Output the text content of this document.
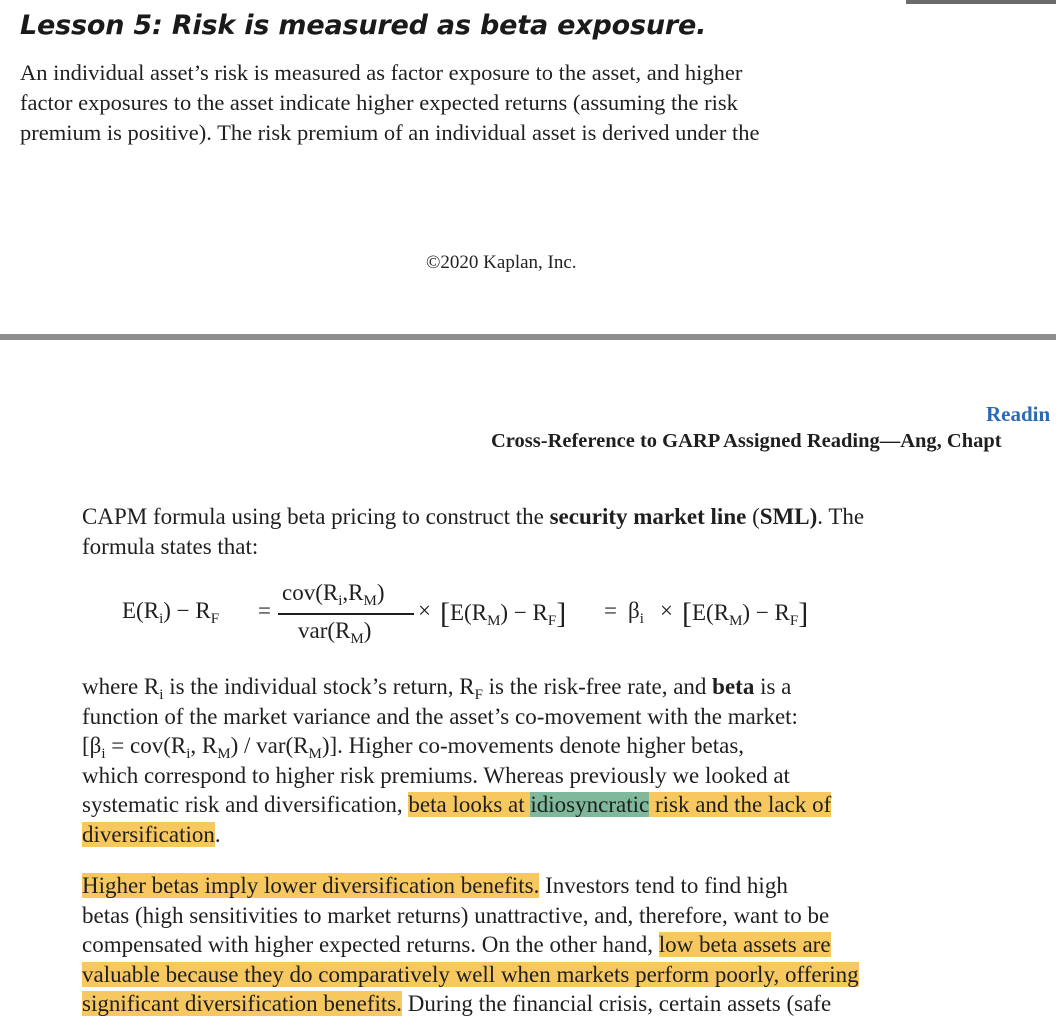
Lesson 5: Risk is measured as beta exposure.
An individual asset’s risk is measured as factor exposure to the asset, and higher
factor exposures to the asset indicate higher expected returns (assuming the risk
premium is positive). The risk premium of an individual asset is derived under the
©2020 Kaplan, Inc.
Readin
Cross-Reference to GARP Assigned Reading—Ang, Chapt
CAPM formula using beta pricing to construct the security market line (SML). The
formula states that:
$E(R_i) - R_F$ =
$cov(R_i,R_M)$
$var(R_M)$
× $[E(R_M) - R_F] = \beta_i \times [E(R_M) - R_F]$
where $R_i$ is the individual stock’s return, $R_F$ is the risk-free rate, and beta is a
function of the market variance and the asset’s co-movement with the market:
[$\beta_i = cov(R_i$, $R_M) / var(R_M)$]. Higher co-movements denote higher betas,
which correspond to higher risk premiums. Whereas previously we looked at
systematic risk and diversification, beta looks at idiosyncratic risk and the lack of
diversification.
Higher betas imply lower diversification benefits. Investors tend to find high
betas (high sensitivities to market returns) unattractive, and, therefore, want to be
compensated with higher expected returns. On the other hand, low beta assets are
valuable because they do comparatively well when markets perform poorly, offering
significant diversification benefits. During the financial crisis, certain assets (safe
